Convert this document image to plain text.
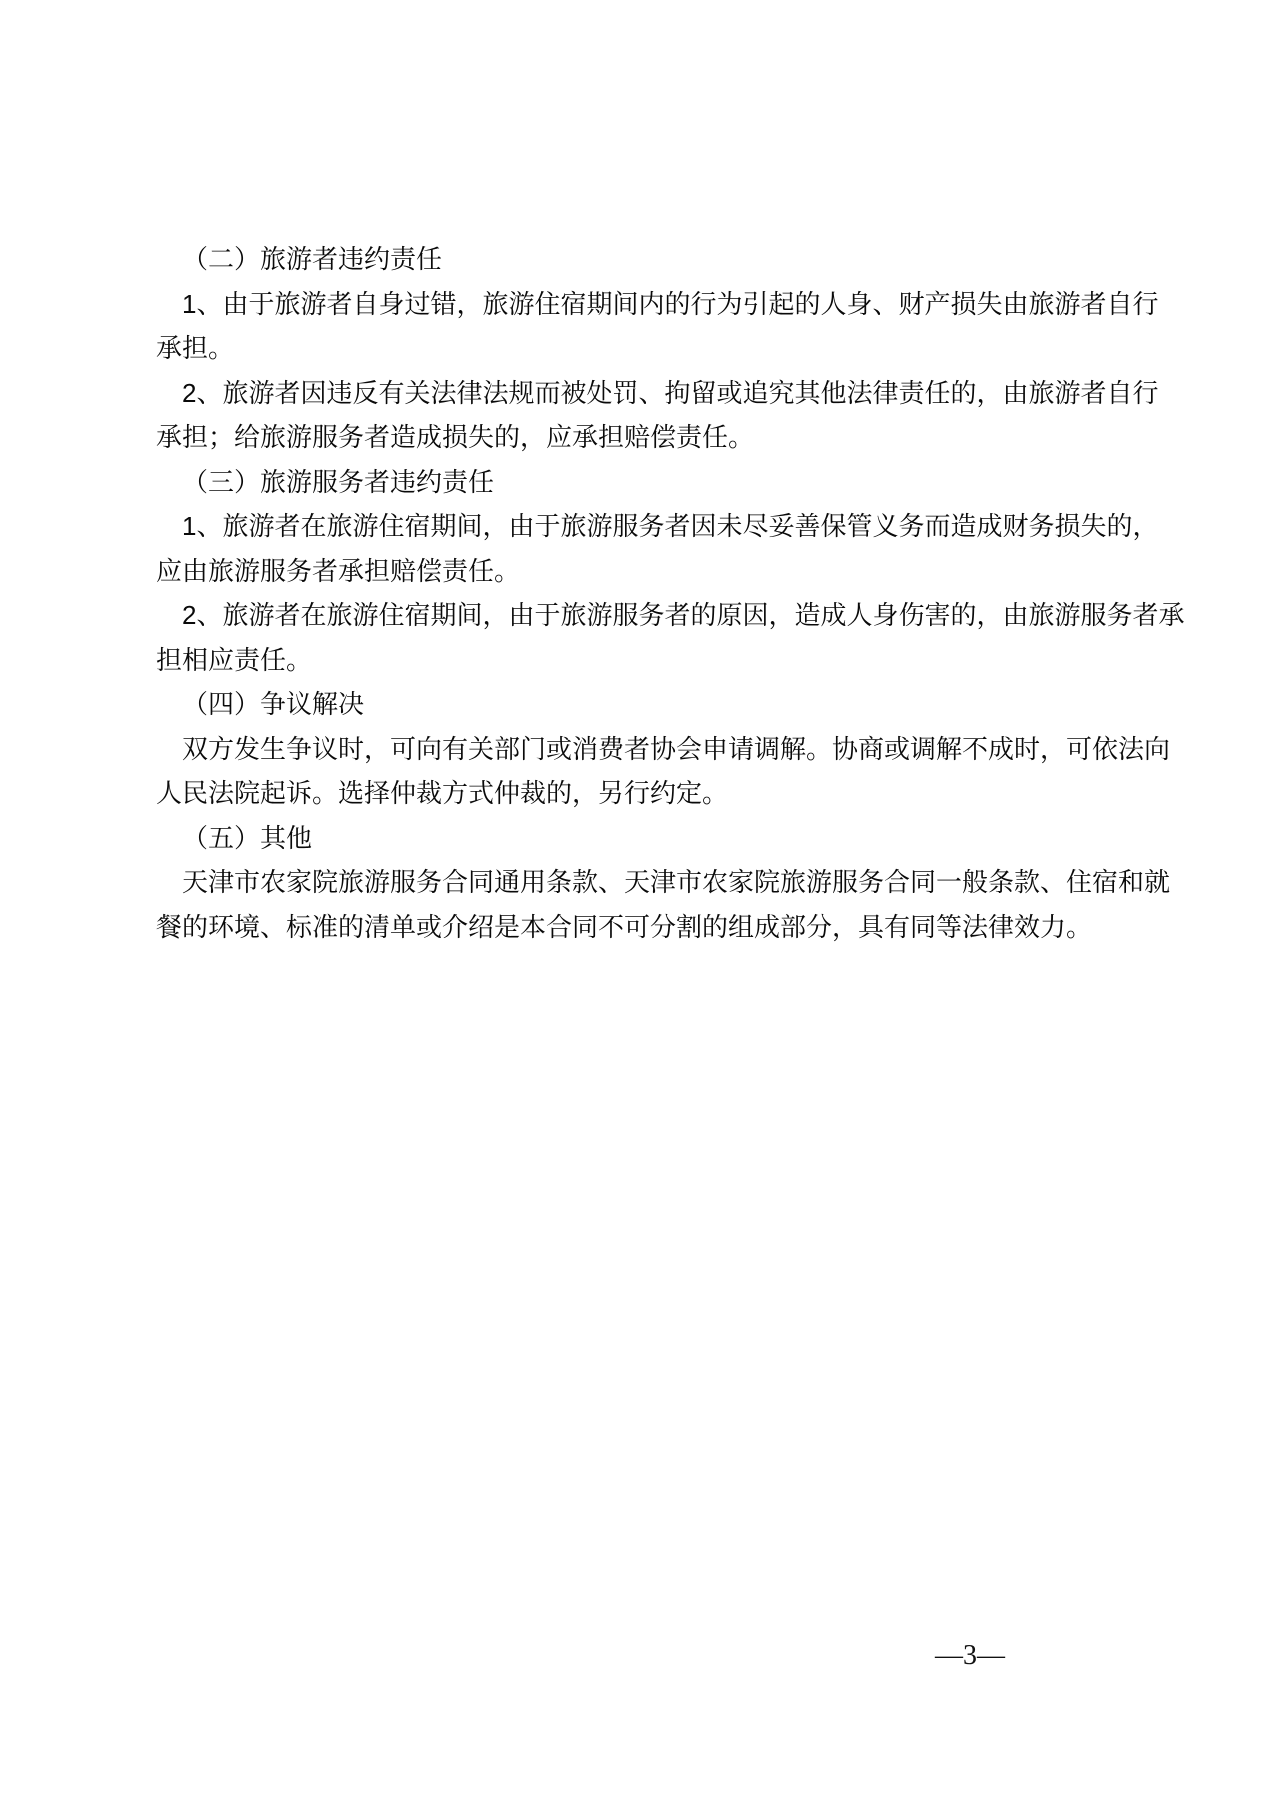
（二）旅游者违约责任
1、由于旅游者自身过错，旅游住宿期间内的行为引起的人身、财产损失由旅游者自行
承担。
2、旅游者因违反有关法律法规而被处罚、拘留或追究其他法律责任的，由旅游者自行
承担；给旅游服务者造成损失的，应承担赔偿责任。
（三）旅游服务者违约责任
1、旅游者在旅游住宿期间，由于旅游服务者因未尽妥善保管义务而造成财务损失的，
应由旅游服务者承担赔偿责任。
2、旅游者在旅游住宿期间，由于旅游服务者的原因，造成人身伤害的，由旅游服务者承
担相应责任。
（四）争议解决
双方发生争议时，可向有关部门或消费者协会申请调解。协商或调解不成时，可依法向
人民法院起诉。选择仲裁方式仲裁的，另行约定。
（五）其他
天津市农家院旅游服务合同通用条款、天津市农家院旅游服务合同一般条款、住宿和就
餐的环境、标准的清单或介绍是本合同不可分割的组成部分，具有同等法律效力。
—3—
